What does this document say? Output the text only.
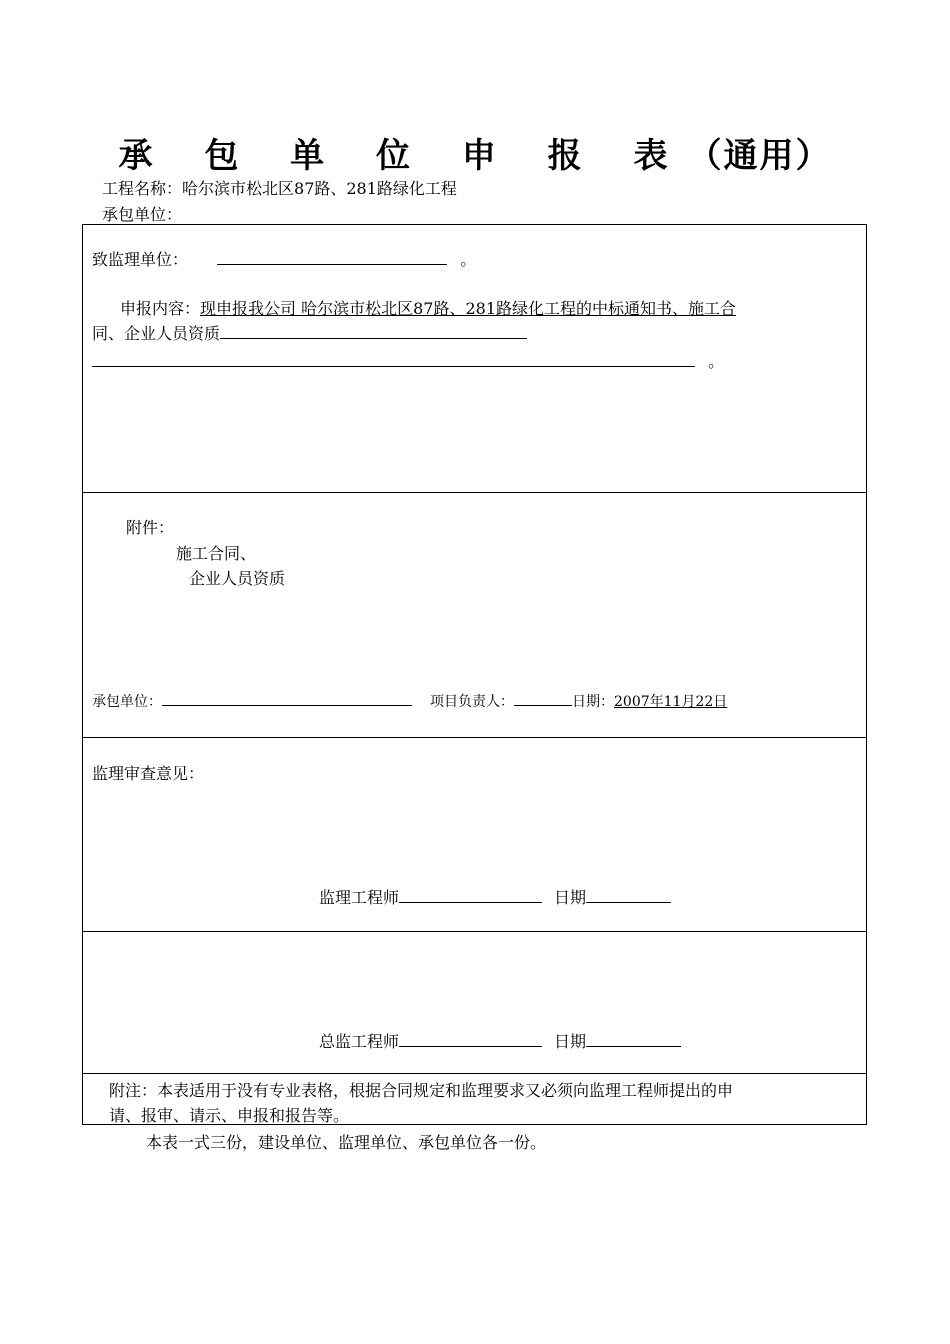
承 包 单 位 申 报 表（通用）
工程名称：哈尔滨市松北区87路、281路绿化工程
承包单位：
致监理单位：	。
申报内容：现申报我公司 哈尔滨市松北区87路、281路绿化工程的中标通知书、施工合
同、企业人员资质
。
附件：
施工合同、
企业人员资质
承包单位：	项目负责人：	日期：2007年11月22日
监理审查意见：
监理工程师	日期
总监工程师	日期
附注：本表适用于没有专业表格，根据合同规定和监理要求又必须向监理工程师提出的申
请、报审、请示、申报和报告等。
本表一式三份，建设单位、监理单位、承包单位各一份。
